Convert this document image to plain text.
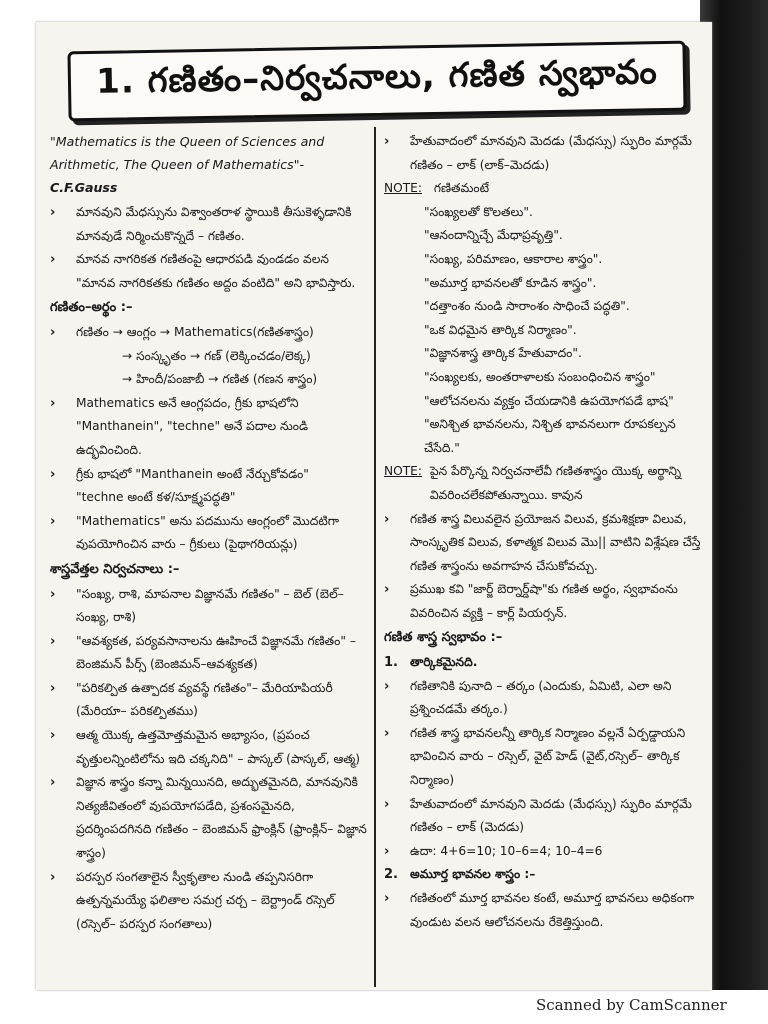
1. గణితం–నిర్వచనాలు, గణిత స్వభావం
"Mathematics is the Queen of Sciences and Arithmetic, The Queen of Mathematics"- C.F.Gauss
›	మానవుని మేధస్సును విశ్వాంతరాళ స్థాయికి తీసుకెళ్ళడానికి మానవుడే నిర్మించుకొన్నదే – గణితం.
›	మానవ నాగరికత గణితంపై ఆధారపడి వుండడం వలన "మానవ నాగరికతకు గణితం అద్దం వంటిది" అని భావిస్తారు.
గణితం–అర్థం :–
›	గణితం → ఆంగ్లం → Mathematics(గణితశాస్త్రం)
→ సంస్కృతం → గణ్ (లెక్కించడం/లెక్క)
→ హిందీ/పంజాబీ → గణిత (గణన శాస్త్రం)
›	Mathematics అనే ఆంగ్లపదం, గ్రీకు భాషలోని "Manthanein", "techne" అనే పదాల నుండి ఉద్భవించింది.
›	గ్రీకు భాషలో "Manthanein అంటే నేర్చుకోవడం"
"techne అంటే కళ/సూక్ష్మపద్ధతి"
›	"Mathematics" అను పదమును ఆంగ్లంలో మొదటిగా వుపయోగించిన వారు – గ్రీకులు (పైథాగరియన్లు)
శాస్త్రవేత్తల నిర్వచనాలు :–
›	"సంఖ్య, రాశి, మాపనాల విజ్ఞానమే గణితం" – బెల్ (బెల్– సంఖ్య, రాశి)
›	"ఆవశ్యకత, పర్యవసానాలను ఊహించే విజ్ఞానమే గణితం" – బెంజిమన్ పీర్స్ (బెంజిమన్–ఆవశ్యకత)
›	"పరికల్పిత ఉత్పాదక వ్యవస్థే గణితం"– మేరియాపియరీ (మేరియా– పరికల్పితము)
›	ఆత్మ యొక్క ఉత్తమోత్తమమైన అభ్యాసం, (ప్రపంచ వృత్తులన్నింటిలోను ఇది చక్కనిది" – పాస్కల్ (పాస్కల్, ఆత్మ)
›	విజ్ఞాన శాస్త్రం కన్నా మిన్నయినది, అద్భుతమైనది, మానవునికి నిత్యజీవితంలో వుపయోగపడేది, ప్రశంసమైనది, ప్రదర్శింపదగినది గణితం – బెంజిమన్ ఫ్రాంక్లిన్ (ఫ్రాంక్లిన్– విజ్ఞాన శాస్త్రం)
›	పరస్పర సంగతాలైన స్వీకృతాల నుండి తప్పనిసరిగా ఉత్పన్నమయ్యే ఫలితాల సమగ్ర చర్చ – బెర్ట్రాండ్ రస్సెల్ (రస్సెల్– పరస్పర సంగతాలు)
›	హేతువాదంలో మానవుని మెదడు (మేధస్సు) స్ఫురిం మార్గమే గణితం – లాక్ (లాక్–మెదడు)
NOTE: గణితమంటే
"సంఖ్యలతో కొలతలు".
"ఆనందాన్నిచ్చే మేధాప్రవృత్తి".
"సంఖ్య, పరిమాణం, ఆకారాల శాస్త్రం".
"అమూర్త భావనలతో కూడిన శాస్త్రం".
"దత్తాంశం నుండి సారాంశం సాధించే పద్ధతి".
"ఒక విధమైన తార్కిక నిర్మాణం".
"విజ్ఞానశాస్త్ర తార్కిక హేతువాదం".
"సంఖ్యలకు, అంతరాళాలకు సంబంధించిన శాస్త్రం"
"ఆలోచనలను వ్యక్తం చేయడానికి ఉపయోగపడే భాష"
"అనిశ్చిత భావనలను, నిశ్చిత భావనలుగా రూపకల్పన చేసేది."
NOTE: పైన పేర్కొన్న నిర్వచనాలేవీ గణితశాస్త్రం యొక్క అర్థాన్ని వివరించలేకపోతున్నాయి. కావున
›	గణిత శాస్త్ర విలువలైన ప్రయోజన విలువ, క్రమశిక్షణా విలువ, సాంస్కృతిక విలువ, కళాత్మక విలువ మొ|| వాటిని విశ్లేషణ చేస్తే గణిత శాస్త్రంను అవగాహన చేసుకోవచ్చు.
›	ప్రముఖ కవి "జార్జ్ బెర్నార్డ్‌షా"కు గణిత అర్థం, స్వభావంను వివరించిన వ్యక్తి – కార్ల్ పియర్సన్.
గణిత శాస్త్ర స్వభావం :–
1. తార్కికమైనది.
›	గణితానికి పునాది – తర్కం (ఎందుకు, ఏమిటి, ఎలా అని ప్రశ్నించడమే తర్కం.)
›	గణిత శాస్త్ర భావనలన్నీ తార్కిక నిర్మాణం వల్లనే ఏర్పడ్డాయని భావించిన వారు – రస్సెల్, వైట్ హెడ్ (వైట్,రస్సెల్– తార్కిక నిర్మాణం)
›	హేతువాదంలో మానవుని మెదడు (మేధస్సు) స్ఫురిం మార్గమే గణితం – లాక్ (మెదడు)
›	ఉదా: 4+6=10; 10–6=4; 10–4=6
2. అమూర్త భావనల శాస్త్రం :–
›	గణితంలో మూర్త భావనల కంటే, అమూర్త భావనలు అధికంగా వుండుట వలన ఆలోచనలను రేకెత్తిస్తుంది.
Scanned by CamScanner
